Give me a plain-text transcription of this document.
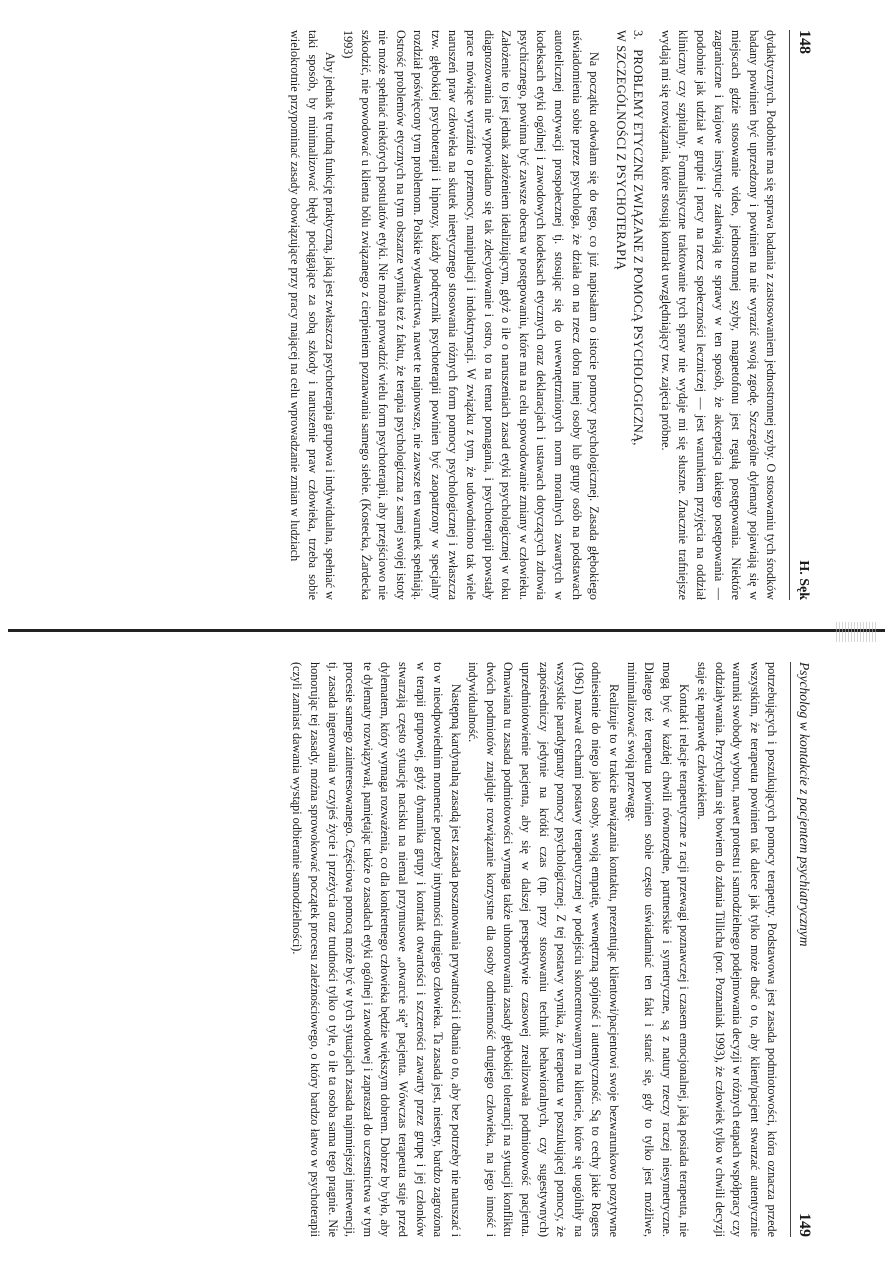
148
H. Sęk

dydaktycznych. Podobnie ma się sprawa badania z zastosowaniem jednostronnej szyby. O stosowaniu tych środków badany powinien być uprzedzony i powinien na nie wyrazić swoją zgodę. Szczególne dylematy pojawiają się w miejscach gdzie stosowanie video, jednostronnej szyby, magnetofonu jest regułą postępowania. Niektóre zagraniczne i krajowe instytucje załatwiają te sprawy w ten sposób, że akceptacja takiego postępowania — podobnie jak udział w grupie i pracy na rzecz społeczności leczniczej — jest warunkiem przyjęcia na oddział kliniczny czy szpitalny. Formalistyczne traktowanie tych spraw nie wydaje mi się słuszne. Znacznie trafniejsze wydają mi się rozwiązania, które stosują kontrakt uwzględniający tzw. zajęcia próbne.

3. PROBLEMY ETYCZNE ZWIĄZANE Z POMOCĄ PSYCHOLOGICZNĄ,
W SZCZEGÓLNOŚCI Z PSYCHOTERAPIĄ

Na początku odwołam się do tego, co już napisałam o istocie pomocy psychologicznej. Zasada głębokiego uświadomienia sobie przez psychologa, że działa on na rzecz dobra innej osoby lub grupy osób na podstawach autotelicznej motywacji prospołecznej tj. stosując się do uwewnętrznionych norm moralnych zawartych w kodeksach etyki ogólnej i zawodowych kodeksach etycznych oraz deklaracjach i ustawach dotyczących zdrowia psychicznego, powinna być zawsze obecna w postępowaniu, które ma na celu spowodowanie zmiany w człowieku. Założenie to jest jednak założeniem idealizującym, gdyż o ile o naruszeniach zasad etyki psychologicznej w toku diagnozowania nie wypowiadano się tak zdecydowanie i ostro, to na temat pomagania, i psychoterapii powstały prace mówiące wyraźnie o przemocy, manipulacji i indoktrynacji. W związku z tym, że udowodniono tak wiele naruszeń praw człowieka na skutek nieetycznego stosowania różnych form pomocy psychologicznej i zwłaszcza tzw. głębokiej psychoterapii i hipnozy, każdy podręcznik psychoterapii powinien być zaopatrzony w specjalny rozdział poświęcony tym problemom. Polskie wydawnictwa, nawet te najnowsze, nie zawsze ten warunek spełniają. Ostrość problemów etycznych na tym obszarze wynika też z faktu, że terapia psychologiczna z samej swojej istoty nie może spełniać niektórych postulatów etyki. Nie można prowadzić wielu form psychoterapii, aby przejściowo nie szkodzić, nie powodować u klienta bólu związanego z cierpieniem poznawania samego siebie. (Kostecka, Żardecka 1993)

Aby jednak tę trudną funkcję praktyczną, jaką jest zwłaszcza psychoterapia grupowa i indywidualna, spełniać w taki sposób, by minimalizować błędy pociągające za sobą szkody i naruszenie praw człowieka, trzeba sobie wielokrotnie przypominać zasady obowiązujące przy pracy mającej na celu wprowadzanie zmian w ludziach

Psycholog w kontakcie z pacjentem psychiatrycznym
149

potrzebujących i poszukujących pomocy terapeuty. Podstawowa jest zasada podmiotowości, która oznacza przede wszystkim, że terapeuta powinien tak dalece jak tylko może dbać o to, aby klient/pacjent stwarzać autentycznie warunki swobody wyboru, nawet protestu i samodzielnego podejmowania decyzji w różnych etapach współpracy czy oddziaływania. Przychylam się bowiem do zdania Tillicha (por. Poznaniak 1993), że człowiek tylko w chwili decyzji staje się naprawdę człowiekiem.

Kontakt i relacje terapeutyczne z racji przewagi poznawczej i czasem emocjonalnej, jaką posiada terapeuta, nie mogą być w każdej chwili równorzędne, partnerskie i symetryczne, są z natury rzeczy raczej niesymetryczne. Dlatego też terapeuta powinien sobie często uświadamiać ten fakt i starać się, gdy to tylko jest możliwe, minimalizować swoją przewagę.

Realizuje to w trakcie nawiązania kontaktu, prezentując klientowi/pacjentowi swoje bezwarunkowo pozytywne odniesienie do niego jako osoby, swoją empatię, wewnętrzną spójność i autentyczność. Są to cechy jakie Rogers (1961) nazwał cechami postawy terapeutycznej w podejściu skoncentrowanym na kliencie, które się uogólniły na wszystkie paradygmaty pomocy psychologicznej. Z tej postawy wynika, że terapeuta w poszukującej pomocy, że zapośredniczy jedynie na krótki czas (np. przy stosowaniu technik behawioralnych, czy sugestywnych) uprzedmiotowienie pacjenta, aby się w dalszej perspektywie czasowej zrealizowała podmiotowość pacjenta. Omawiana tu zasada podmiotowości wymaga także uhonorowania zasady głębokiej tolerancji na sytuacji konfliktu dwóch podmiotów znajduje rozwiązanie korzystne dla osoby odmienność drugiego człowieka, na jego inność i indywidualność.

Następną kardynalną zasadą jest zasada poszanowania prywatności i dbania o to, aby bez potrzeby nie naruszać i to w nieodpowiednim momencie potrzeby intymności drugiego człowieka. Ta zasada jest, niestety, bardzo zagrożona w terapii grupowej, gdyż dynamika grupy i kontrakt otwartości i szczerości zawarty przez grupę i jej członków stwarzają często sytuację nacisku na niemal przymusowe „otwarcie się” pacjenta. Wówczas terapeuta staje przed dylematem, który wymaga rozważenia, co dla konkretnego człowieka będzie większym dobrem. Dobrze by było, aby te dylematy rozwiązywał, pamiętając także o zasadach etyki ogólnej i zawodowej i zapraszał do uczestnictwa w tym procesie samego zainteresowanego. Częściowa pomocą może być w tych sytuacjach zasada najmniejszej interwencji, tj. zasada ingerowania w czyjeś życie i przeżycia oraz trudności tylko o tyle, o ile ta osoba sama tego pragnie. Nie honorując tej zasady, można sprowokować początek procesu zależnościowego, o który bardzo łatwo w psychoterapii (czyli zamiast dawania wystąpi odbieranie samodzielności).
